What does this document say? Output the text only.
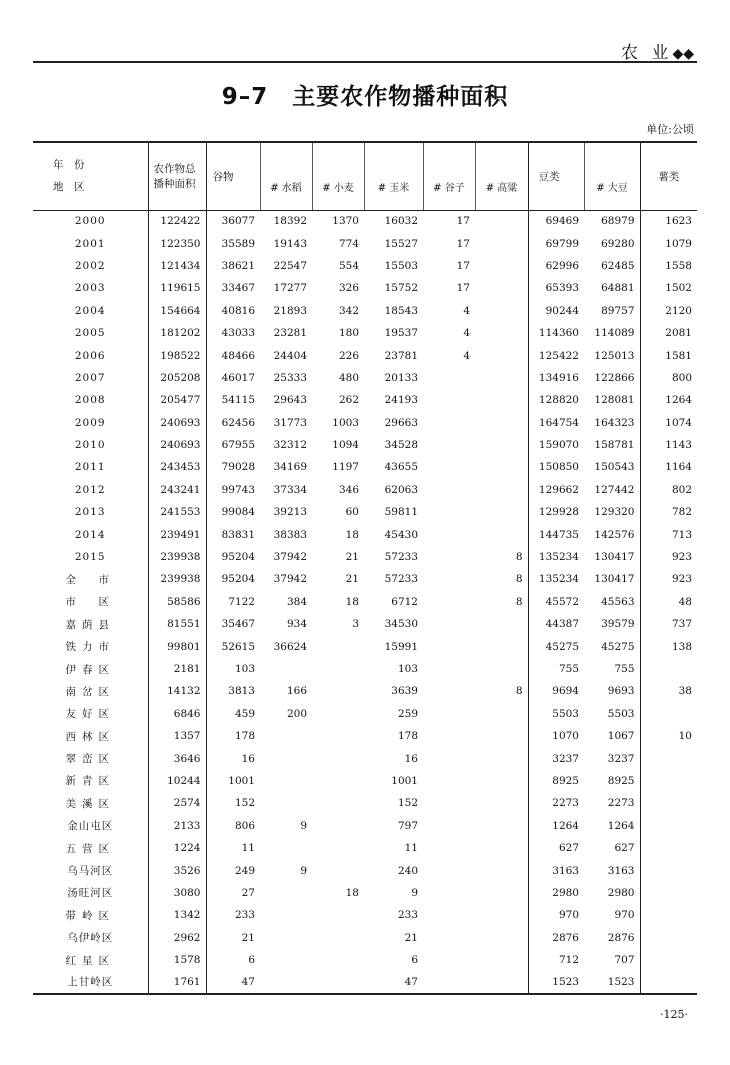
农 业◆◆
9–7　主要农作物播种面积
单位:公顷
年　份
地　区	农作物总播种面积	谷物	# 水稻	# 小麦	# 玉米	# 谷子	# 高粱	豆类	# 大豆	薯类
2000	122422	36077	18392	1370	16032	17		69469	68979	1623
2001	122350	35589	19143	774	15527	17		69799	69280	1079
2002	121434	38621	22547	554	15503	17		62996	62485	1558
2003	119615	33467	17277	326	15752	17		65393	64881	1502
2004	154664	40816	21893	342	18543	4		90244	89757	2120
2005	181202	43033	23281	180	19537	4		114360	114089	2081
2006	198522	48466	24404	226	23781	4		125422	125013	1581
2007	205208	46017	25333	480	20133			134916	122866	800
2008	205477	54115	29643	262	24193			128820	128081	1264
2009	240693	62456	31773	1003	29663			164754	164323	1074
2010	240693	67955	32312	1094	34528			159070	158781	1143
2011	243453	79028	34169	1197	43655			150850	150543	1164
2012	243241	99743	37334	346	62063			129662	127442	802
2013	241553	99084	39213	60	59811			129928	129320	782
2014	239491	83831	38383	18	45430			144735	142576	713
2015	239938	95204	37942	21	57233		8	135234	130417	923
全　市	239938	95204	37942	21	57233		8	135234	130417	923
市　区	58586	7122	384	18	6712		8	45572	45563	48
嘉荫县	81551	35467	934	3	34530			44387	39579	737
铁力市	99801	52615	36624		15991			45275	45275	138
伊春区	2181	103			103			755	755	
南岔区	14132	3813	166		3639		8	9694	9693	38
友好区	6846	459	200		259			5503	5503	
西林区	1357	178			178			1070	1067	10
翠峦区	3646	16			16			3237	3237	
新青区	10244	1001			1001			8925	8925	
美溪区	2574	152			152			2273	2273	
金山屯区	2133	806	9		797			1264	1264	
五营区	1224	11			11			627	627	
乌马河区	3526	249	9		240			3163	3163	
汤旺河区	3080	27		18	9			2980	2980	
带岭区	1342	233			233			970	970	
乌伊岭区	2962	21			21			2876	2876	
红星区	1578	6			6			712	707	
上甘岭区	1761	47			47			1523	1523	
·125·
